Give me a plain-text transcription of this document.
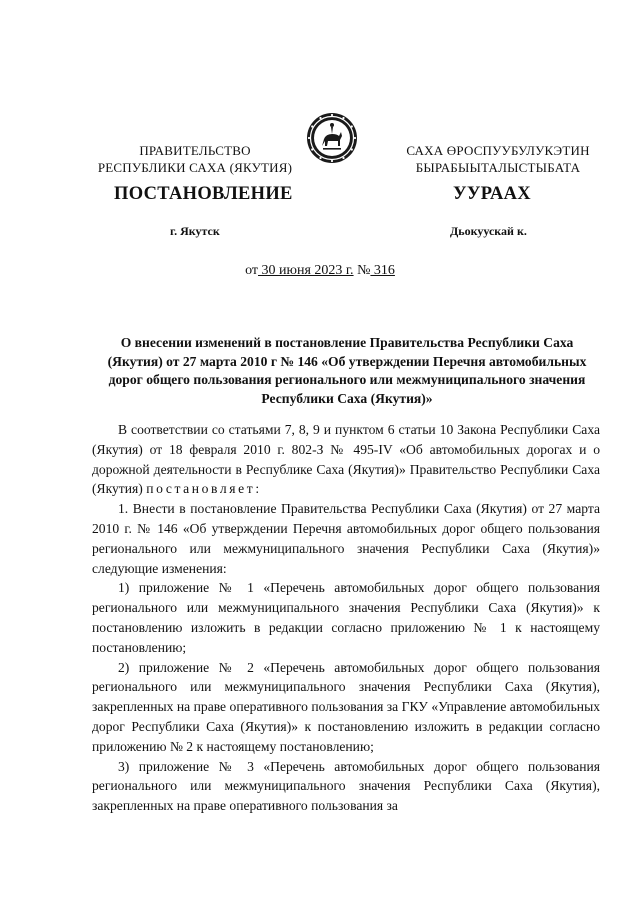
ПРАВИТЕЛЬСТВО
РЕСПУБЛИКИ САХА (ЯКУТИЯ)
САХА ӨРОСПУУБУЛУКЭТИН
БЫРАБЫЫТАЛЫСТЫБАТА
ПОСТАНОВЛЕНИЕ	УУРААХ
г. Якутск	Дьокуускай к.
от 30 июня 2023 г. № 316
О внесении изменений в постановление Правительства Республики Саха (Якутия) от 27 марта 2010 г № 146 «Об утверждении Перечня автомобильных дорог общего пользования регионального или межмуниципального значения Республики Саха (Якутия)»

В соответствии со статьями 7, 8, 9 и пунктом 6 статьи 10 Закона Республики Саха (Якутия) от 18 февраля 2010 г. 802-З № 495-IV «Об автомобильных дорогах и о дорожной деятельности в Республике Саха (Якутия)» Правительство Республики Саха (Якутия) постановляет:

1. Внести в постановление Правительства Республики Саха (Якутия) от 27 марта 2010 г. № 146 «Об утверждении Перечня автомобильных дорог общего пользования регионального или межмуниципального значения Республики Саха (Якутия)» следующие изменения:

1) приложение № 1 «Перечень автомобильных дорог общего пользования регионального или межмуниципального значения Республики Саха (Якутия)» к постановлению изложить в редакции согласно приложению № 1 к настоящему постановлению;

2) приложение № 2 «Перечень автомобильных дорог общего пользования регионального или межмуниципального значения Республики Саха (Якутия), закрепленных на праве оперативного пользования за ГКУ «Управление автомобильных дорог Республики Саха (Якутия)» к постановлению изложить в редакции согласно приложению № 2 к настоящему постановлению;

3) приложение № 3 «Перечень автомобильных дорог общего пользования регионального или межмуниципального значения Республики Саха (Якутия), закрепленных на праве оперативного пользования за
